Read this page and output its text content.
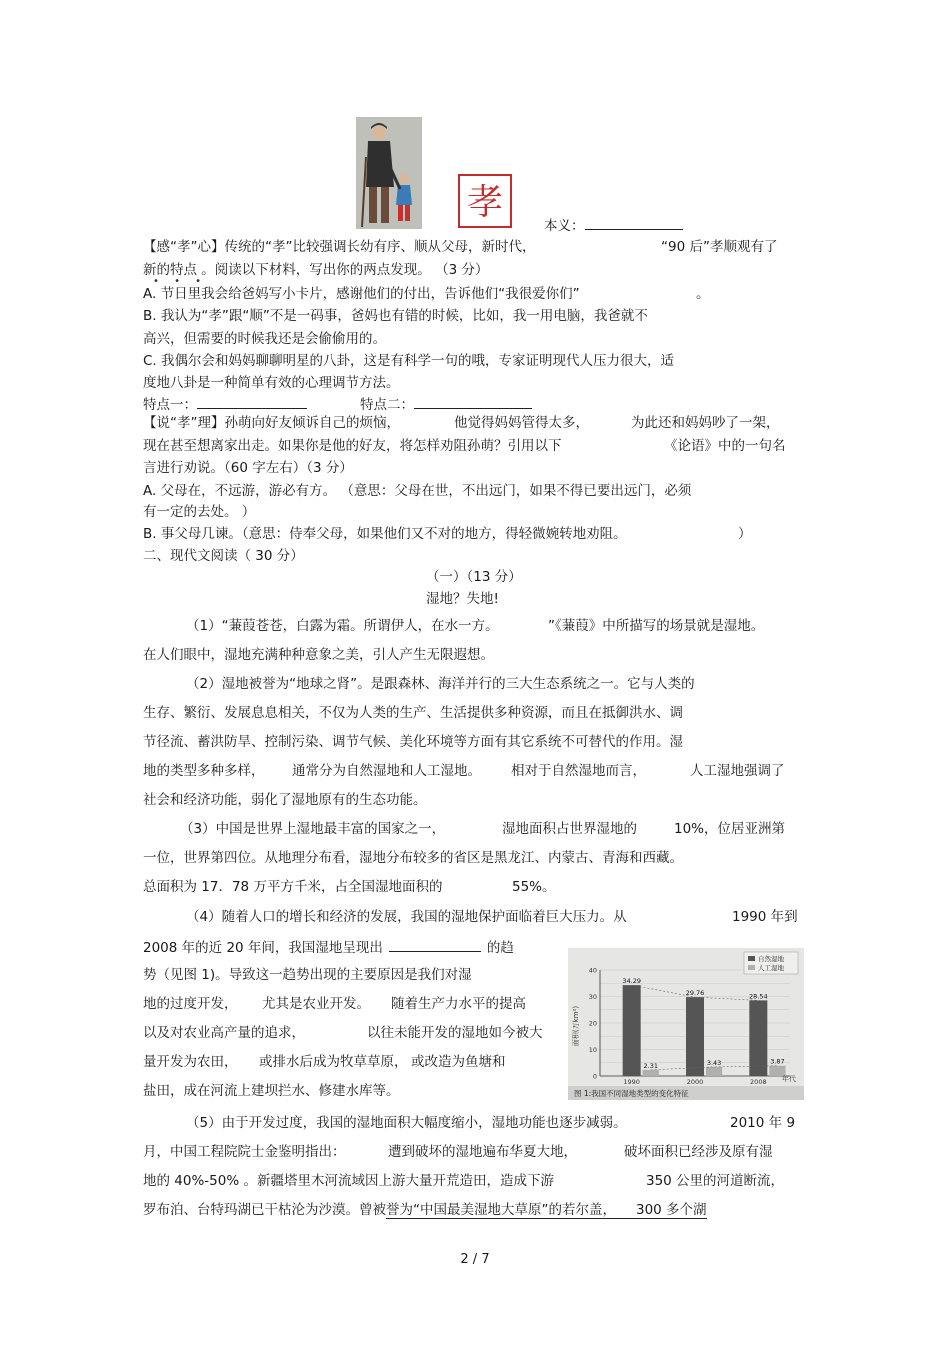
孝
本义：
【感“孝”心】传统的“孝”比较强调长幼有序、顺从父母，新时代，	“90 后”孝顺观有了
新的特点 。阅读以下材料，写出你的两点发现。 （3 分）
• • •
A. 节日里我会给爸妈写小卡片，感谢他们的付出，告诉他们“我很爱你们”	。
B. 我认为“孝”跟“顺”不是一码事，爸妈也有错的时候，比如，我一用电脑，我爸就不
高兴，但需要的时候我还是会偷偷用的。
C. 我偶尔会和妈妈聊聊明星的八卦，这是有科学一句的哦，专家证明现代人压力很大，适
度地八卦是一种简单有效的心理调节方法。
特点一：	特点二：
【说“孝”理】孙萌向好友倾诉自己的烦恼，	他觉得妈妈管得太多，	为此还和妈妈吵了一架，
现在甚至想离家出走。如果你是他的好友，将怎样劝阻孙萌？引用以下	《论语》中的一句名
言进行劝说。（60 字左右）（3 分）
A. 父母在，不远游，游必有方。 （意思：父母在世，不出远门，如果不得已要出远门，必须
有一定的去处。 ）
B. 事父母几谏。（意思：侍奉父母，如果他们又不对的地方，得轻微婉转地劝阻。	）
二、现代文阅读（ 30 分）
（一）（13 分）
湿地？失地!
（1）“蒹葭苍苍，白露为霜。所谓伊人，在水一方。	”《蒹葭》中所描写的场景就是湿地。
在人们眼中，湿地充满种种意象之美，引人产生无限遐想。
（2）湿地被誉为“地球之肾”。是跟森林、海洋并行的三大生态系统之一。它与人类的
生存、繁衍、发展息息相关，不仅为人类的生产、生活提供多种资源，而且在抵御洪水、调
节径流、蓄洪防旱、控制污染、调节气候、美化环境等方面有其它系统不可替代的作用。湿
地的类型多种多样， 通常分为自然湿地和人工湿地。 相对于自然湿地而言，	人工湿地强调了
社会和经济功能，弱化了湿地原有的生态功能。
（3）中国是世界上湿地最丰富的国家之一，	湿地面积占世界湿地的	10%，位居亚洲第
一位，世界第四位。从地理分布看，湿地分布较多的省区是黑龙江、内蒙古、青海和西藏。
总面积为 17．78 万平方千米，占全国湿地面积的	55%。
（4）随着人口的增长和经济的发展，我国的湿地保护面临着巨大压力。从	1990 年到
2008 年的近 20 年间，我国湿地呈现出	的趋
势（见图 1)。导致这一趋势出现的主要原因是我们对湿
地的过度开发， 尤其是农业开发。 随着生产力水平的提高
以及对农业高产量的追求，	以往未能开发的湿地如今被大
量开发为农田， 或排水后成为牧草草原， 或改造为鱼塘和
盐田，成在河流上建坝拦水、修建水库等。
0
10
20
30
40
1990	2000	2008
34.29
2.31
29.76
3.43
28.54
3.87
自然湿地
人工湿地
图 1:我国不同湿地类型的变化特征
面积(万km²)
年代
（5）由于开发过度，我国的湿地面积大幅度缩小，湿地功能也逐步减弱。	2010 年 9
月，中国工程院院士金鉴明指出：	遭到破坏的湿地遍布华夏大地，	破坏面积已经涉及原有湿
地的 40%-50% 。新疆塔里木河流域因上游大量开荒造田，造成下游	350 公里的河道断流，
罗布泊、台特玛湖已干枯沦为沙漠。曾被誉为“中国最美湿地大草原”的若尔盖， 300 多个湖
2 / 7
